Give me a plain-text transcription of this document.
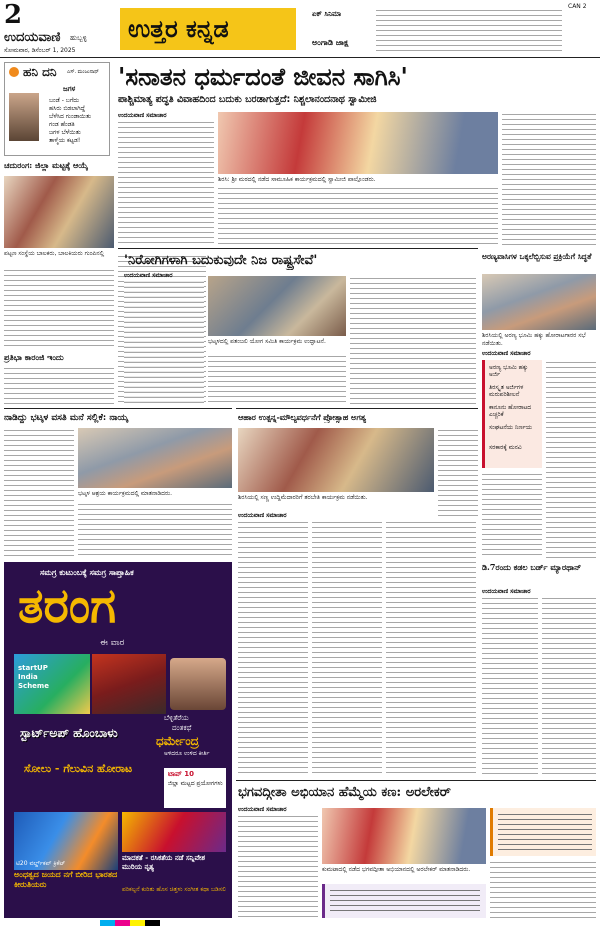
2
ಉದಯವಾಣಿ ಹುಬ್ಬಳ್ಳಿ
ಸೋಮವಾರ, ಡಿಸೆಂಬರ್ 1, 2025
ಉತ್ತರ ಕನ್ನಡ	ಏಕ್ ಸಿನಿಮಾ
ಅಂಗಾಡಿ ಜಾಕ್ಷ
CAN 2
ಹನಿ ದನಿ ಎಸ್. ಮಂಜುನಾಥ್
ಜಗಳ
ಬಂಡೆ - ಬಗೆದು
ಹಸಿರು ಬಿಡಲಾಗಿದ್ದೆ
ಬೆಳೆಸಿದ ಗುಂಡಾಯಿತು
ಗಂಡ ಹೆಂಡತಿ
ಜಗಳ ಬೆಳೆಯಿತು
ತಾಳ್ಮೆಯ ಕಟ್ಟಡ!
ಚದುರಂಗ: ಜಿಲ್ಲಾ ಮಟ್ಟಕ್ಕೆ ಆಯ್ಕೆ
ಪಟ್ಟಣ ಸಂಸ್ಥೆಯ ಬಾಲಕರು, ಬಾಲಕಿಯರು ಗುಂಪಿನಲ್ಲಿ
ಪ್ರತಿಭಾ ಕಾರಂಜಿ ಇಂದು
ನಾಡಿದ್ದು ಭಟ್ಕಳ ವಸತಿ ಮನೆ ಸಲ್ಲಿಕೆ: ನಾಯ್ಕ
ಭಟ್ಕಳ ಆಶ್ರಯ ಕಾರ್ಯಕ್ರಮದಲ್ಲಿ ಮಾತನಾಡಿದರು.
'ಸನಾತನ ಧರ್ಮದಂತೆ ಜೀವನ ಸಾಗಿಸಿ'
ಪಾಶ್ಚಿಮಾತ್ಯ ಪದ್ಧತಿ ವಿವಾಹದಿಂದ ಬದುಕು ಬರಡಾಗುತ್ತದೆ: ನಿಶ್ಚಲಾನಂದನಾಥ ಸ್ವಾಮೀಜಿ
ಉದಯವಾಣಿ ಸಮಾಚಾರ
ಶಿರಸಿ: ಶ್ರೀ ಮಠದಲ್ಲಿ ನಡೆದ ಸಾಮೂಹಿಕ ಕಾರ್ಯಕ್ರಮದಲ್ಲಿ ಸ್ವಾಮೀಜಿ ಪಾಲ್ಗೊಂಡರು.
'ನಿರೋಗಿಗಳಾಗಿ ಬದುಕುವುದೇ ನಿಜ ರಾಷ್ಟ್ರಸೇವೆ'
ಉದಯವಾಣಿ ಸಮಾಚಾರ
ಭಟ್ಕಳದಲ್ಲಿ ಪತಂಜಲಿ ಯೋಗ ಸಮಿತಿ ಕಾರ್ಯಕ್ರಮ ಉದ್ಘಾಟನೆ.
ಅರಣ್ಯವಾಸಿಗಳ ಒಕ್ಕಲೆಬ್ಬಿಸುವ ಪ್ರಕ್ರಿಯೆಗೆ ಸಿದ್ಧತೆ
ಶಿರಸಿಯಲ್ಲಿ ಅರಣ್ಯ ಭೂಮಿ ಹಕ್ಕು ಹೋರಾಟಗಾರರ ಸಭೆ ನಡೆಯಿತು.
ಉದಯವಾಣಿ ಸಮಾಚಾರ
ಅರಣ್ಯ ಭೂಮಿ ಹಕ್ಕು ಅರ್ಜಿ
ತಿರಸ್ಕೃತ ಅರ್ಜಿಗಳ ಮರುಪರಿಶೀಲನೆ
ಕಾನೂನು ಹೋರಾಟದ ಎಚ್ಚರಿಕೆ
ಸಂಘಟನೆಯ ನಿರ್ಣಯ
ಸರಕಾರಕ್ಕೆ ಮನವಿ
ಆಹಾರ ಉತ್ಪನ್ನ-ಮೌಲ್ಯವರ್ಧನೆಗೆ ಪ್ರೋತ್ಸಾಹ ಅಗತ್ಯ
ಶಿರಸಿಯಲ್ಲಿ ಸಣ್ಣ ಉದ್ದಿಮೆದಾರರಿಗೆ ತರಬೇತಿ ಕಾರ್ಯಕ್ರಮ ನಡೆಯಿತು.
ಉದಯವಾಣಿ ಸಮಾಚಾರ
ಡಿ.7ರಂದು ಕಡಲ ಬರ್ಡ್ ಮ್ಯಾರಥಾನ್
ಉದಯವಾಣಿ ಸಮಾಚಾರ
ಸಮಗ್ರ ಕುಟುಂಬಕ್ಕೆ ಸಮಗ್ರ ಸಾಪ್ತಾಹಿಕ
ತರಂಗ
ಈ ವಾರ
startUP India Scheme
ಬೆಳ್ಳಿತೆರೆಯ
ದಂತಕಥೆ
ಧರ್ಮೇಂದ್ರ
ಅಳಿದರೂ ಉಳಿದ ಕೀರ್ತಿ
ಸ್ಟಾರ್ಟ್‌ಅಪ್ ಹೊಂಬಾಳು
ಸೋಲು - ಗೆಲುವಿನ ಹೋರಾಟ	ಟಾಪ್ 10
ಜಿಲ್ಲಾ ಮಟ್ಟದ ಪ್ರಯೋಗಗಳು
ಟಿ20 ವರ್ಲ್ಡ್‌ಕಪ್ ಕ್ರಿಕೆಟ್
ಅಂಧತ್ವದ ಜಯದ ನಗೆ ಬೀರಿದ ಭಾರತದ ಕೀರುತಿಯರು
ಮಾದಕತೆ - ರಸಿಕತೆಯ ನಡೆ ಸನ್ನಿವೇಶ ಮುರಿಯ ನೃತ್ಯ
ಪರಿಕಲ್ಪನೆ ಕುರಿತು ಹೊಸ ಚಿತ್ತಳು ಸಂಗೀತ ಕಥಾ ಬಡಿಸಲಿ
ಭಗವದ್ಗೀತಾ ಅಭಿಯಾನ ಹೆಮ್ಮೆಯ ಕಣ: ಅರಲೇಕರ್
ಉದಯವಾಣಿ ಸಮಾಚಾರ
ಕುಮಟಾದಲ್ಲಿ ನಡೆದ ಭಗವದ್ಗೀತಾ ಅಭಿಯಾನದಲ್ಲಿ ಅರಲೇಕರ್ ಮಾತನಾಡಿದರು.
